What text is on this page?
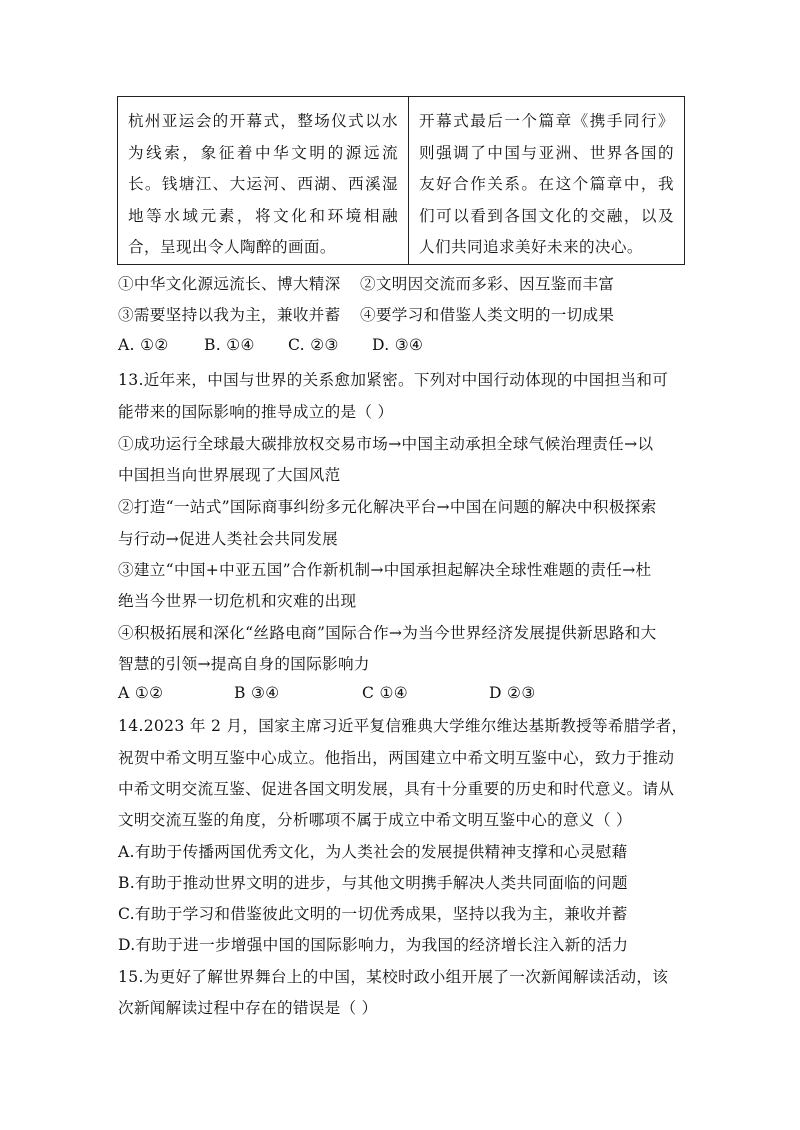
杭州亚运会的开幕式，整场仪式以水为线索，象征着中华文明的源远流长。钱塘江、大运河、西湖、西溪湿地等水域元素，将文化和环境相融合，呈现出令人陶醉的画面。
开幕式最后一个篇章《携手同行》则强调了中国与亚洲、世界各国的友好合作关系。在这个篇章中，我们可以看到各国文化的交融，以及人们共同追求美好未来的决心。
①中华文化源远流长、博大精深 ②文明因交流而多彩、因互鉴而丰富
③需要坚持以我为主，兼收并蓄 ④要学习和借鉴人类文明的一切成果
A. ①② B. ①④ C. ②③ D. ③④
13.近年来，中国与世界的关系愈加紧密。下列对中国行动体现的中国担当和可
能带来的国际影响的推导成立的是（ ）
①成功运行全球最大碳排放权交易市场→中国主动承担全球气候治理责任→以
中国担当向世界展现了大国风范
②打造“一站式”国际商事纠纷多元化解决平台→中国在问题的解决中积极探索
与行动→促进人类社会共同发展
③建立“中国+中亚五国”合作新机制→中国承担起解决全球性难题的责任→杜
绝当今世界一切危机和灾难的出现
④积极拓展和深化“丝路电商”国际合作→为当今世界经济发展提供新思路和大
智慧的引领→提高自身的国际影响力
A ①②	B ③④	C ①④	D ②③
14.2023 年 2 月，国家主席习近平复信雅典大学维尔维达基斯教授等希腊学者，
祝贺中希文明互鉴中心成立。他指出，两国建立中希文明互鉴中心，致力于推动
中希文明交流互鉴、促进各国文明发展，具有十分重要的历史和时代意义。请从
文明交流互鉴的角度，分析哪项不属于成立中希文明互鉴中心的意义（ ）
A.有助于传播两国优秀文化，为人类社会的发展提供精神支撑和心灵慰藉
B.有助于推动世界文明的进步，与其他文明携手解决人类共同面临的问题
C.有助于学习和借鉴彼此文明的一切优秀成果，坚持以我为主，兼收并蓄
D.有助于进一步增强中国的国际影响力，为我国的经济增长注入新的活力
15.为更好了解世界舞台上的中国，某校时政小组开展了一次新闻解读活动，该
次新闻解读过程中存在的错误是（ ）
